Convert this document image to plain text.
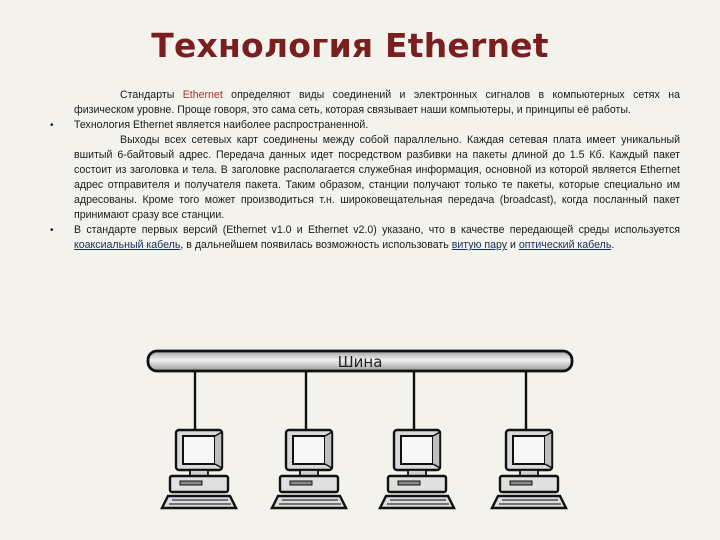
Технология Ethernet

Стандарты Ethernet определяют виды соединений и электронных сигналов в компьютерных сетях на физическом уровне. Проще говоря, это сама сеть, которая связывает наши компьютеры, и принципы её работы.

•	Технология Ethernet является наиболее распространенной.

Выходы всех сетевых карт соединены между собой параллельно. Каждая сетевая плата имеет уникальный вшитый 6-байтовый адрес. Передача данных идет посредством разбивки на пакеты длиной до 1.5 Кб. Каждый пакет состоит из заголовка и тела. В заголовке располагается служебная информация, основной из которой является Ethernet адрес отправителя и получателя пакета. Таким образом, станции получают только те пакеты, которые специально им адресованы. Кроме того может производиться т.н. широковещательная передача (broadcast), когда посланный пакет принимают сразу все станции.

•	В стандарте первых версий (Ethernet v1.0 и Ethernet v2.0) указано, что в качестве передающей среды используется коаксиальный кабель, в дальнейшем появилась возможность использовать витую пару и оптический кабель.

Шина
